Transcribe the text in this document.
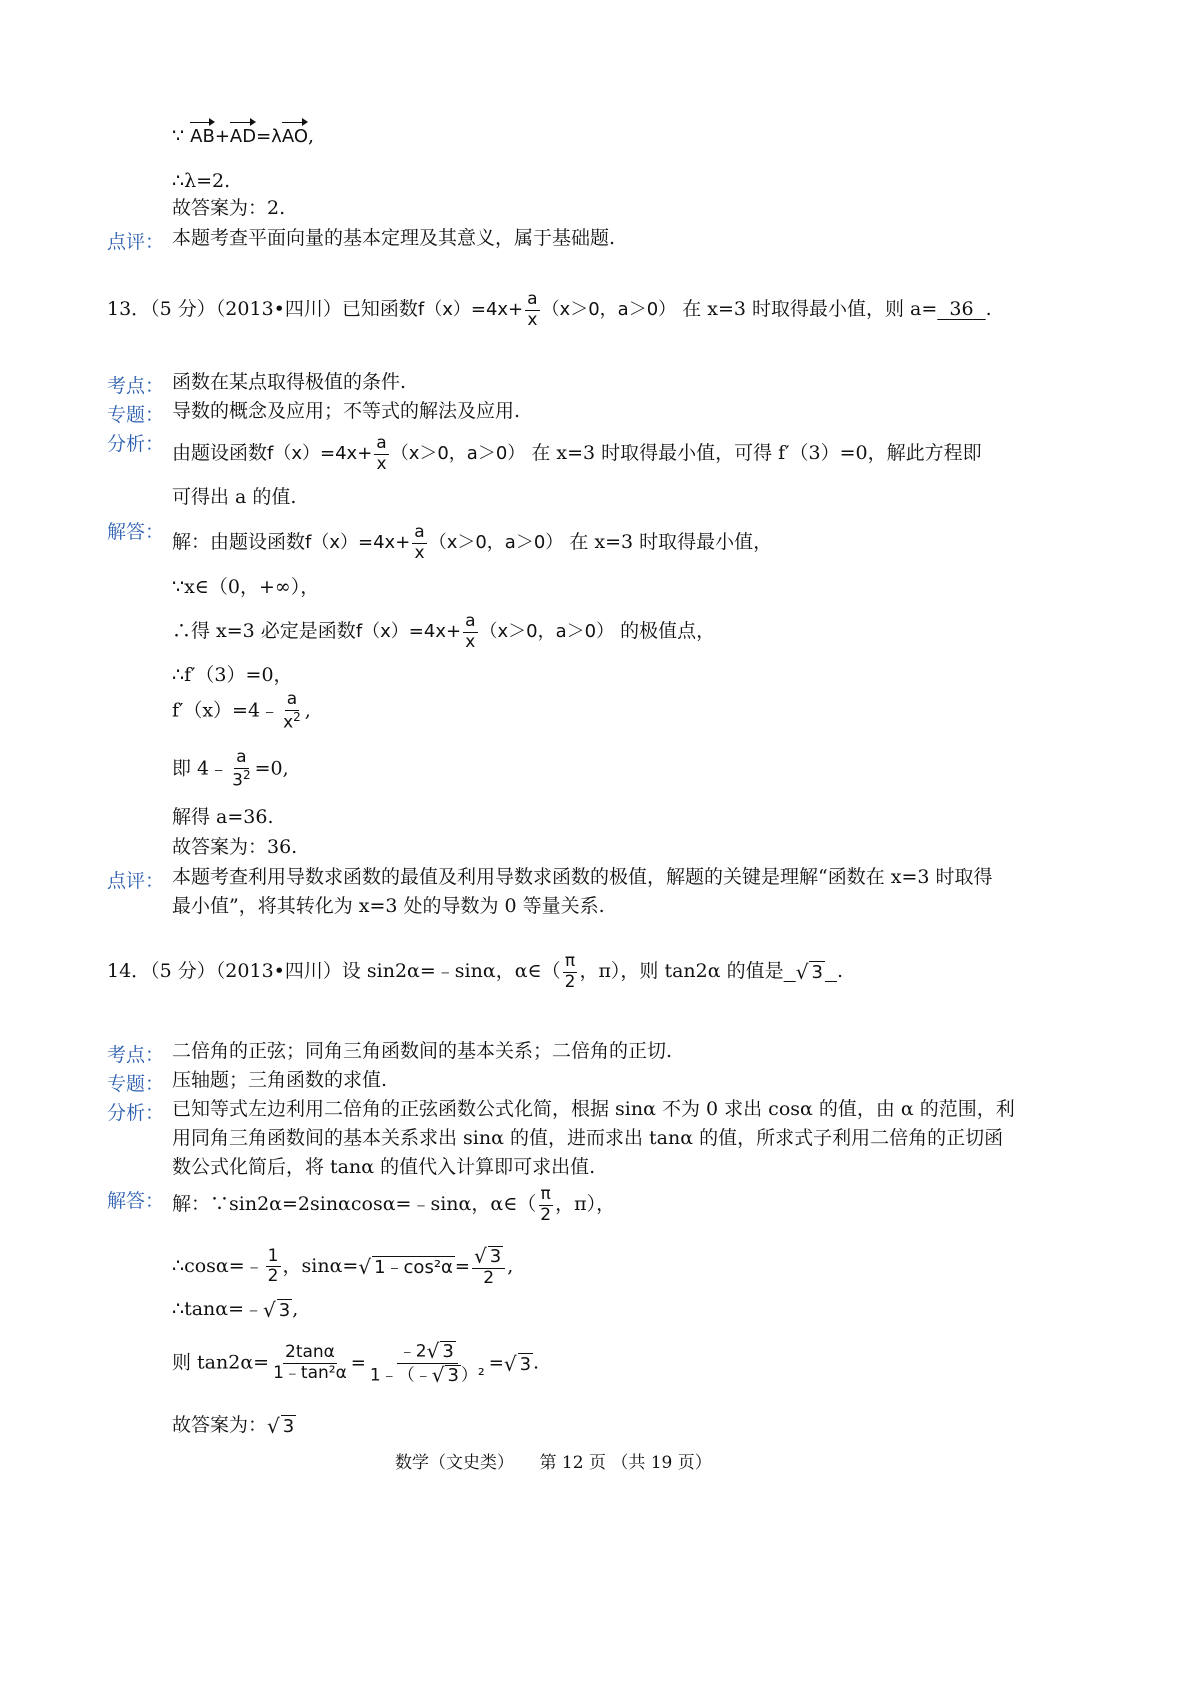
∵ AB+AD=λAO,
∴λ=2.
故答案为：2.
点评： 本题考查平面向量的基本定理及其意义，属于基础题.
13．（5 分）（2013•四川）已知函数$f(x)=4x+ \frac{a}{x} (x>0$，a＞0） 在 x=3 时取得最小值，则 a= 36 .
考点： 函数在某点取得极值的条件.
专题： 导数的概念及应用；不等式的解法及应用.
分析： 由题设函数$f(x)=4x+ \frac{a}{x} (x>0$，a＞0） 在 x=3 时取得最小值，可得 f′（3）=0，解此方程即
可得出 a 的值.
解答： 解：由题设函数$f(x)=4x+ \frac{a}{x} (x>0$，a＞0） 在 x=3 时取得最小值，
∵x∈（0，+∞），
∴得 x=3 必定是函数$f(x)=4x+ \frac{a}{x} (x>0$，a＞0） 的极值点，
∴f′（3）=0，
f′（x）=4﹣ $\frac{a}{x^2}$ ,
即 4﹣ $\frac{a}{3^2} =0$,
解得 a=36.
故答案为：36.
点评： 本题考查利用导数求函数的最值及利用导数求函数的极值，解题的关键是理解“函数在 x=3 时取得
最小值”，将其转化为 x=3 处的导数为 0 等量关系.
14．（5 分）（2013•四川）设 sin2α=﹣sinα，α∈（ $\frac{\pi}{2}$ ，π），则 tan2α 的值是 √ 3 .
考点： 二倍角的正弦；同角三角函数间的基本关系；二倍角的正切.
专题： 压轴题；三角函数的求值.
分析： 已知等式左边利用二倍角的正弦函数公式化简，根据 sinα 不为 0 求出 cosα 的值，由 α 的范围，利
用同角三角函数间的基本关系求出 sinα 的值，进而求出 tanα 的值，所求式子利用二倍角的正切函
数公式化简后，将 tanα 的值代入计算即可求出值.
解答： 解：∵sin2α=2sinαcosα=﹣sinα，α∈（ $\frac{\pi}{2}$ ，π），
∴cosα=﹣ $\frac{1}{2}$ ，sinα= √ 1﹣cos²α = $\frac{√ 3}{2}$ ,
∴tanα=﹣ √ 3 ,
则 $\tan 2\alpha= \frac{2\tan\alpha}{\text{1﹣tan²α}} = \frac{﹣2 √ 3}{\text{1﹣（﹣ √ 3 ）²}}$ = √ 3 .
故答案为： √ 3
数学（文史类）　　第 12 页 （共 19 页）
